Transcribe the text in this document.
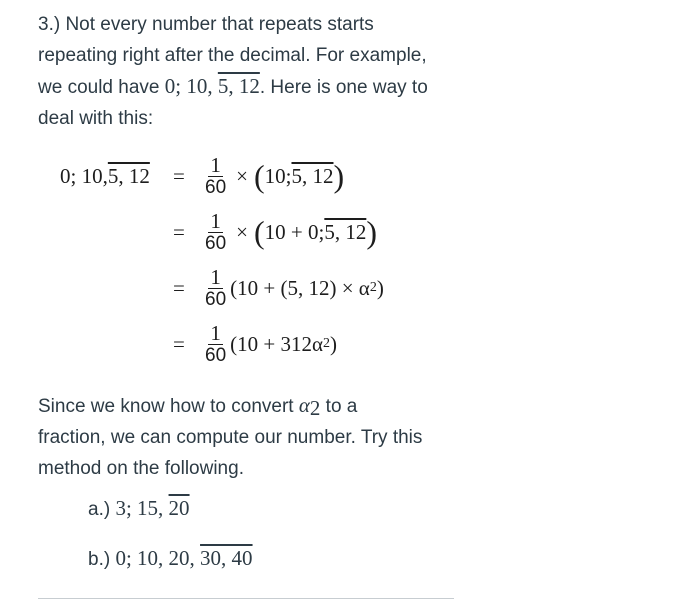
3.) Not every number that repeats starts
repeating right after the decimal. For example,
we could have 0; 10, 5, 12. Here is one way to
deal with this:
0; 10, 5, $12 = \frac{1}{60}$ × ( 10; 5, 12 )
= $\frac{1}{60}$ × ( 10 + 0; 5, 12 )
= $\frac{1}{60} (10 + (5$, 12) × α 2 )
= $\frac{1}{60} (10 + 312\alpha$ 2 )
Since we know how to convert $\alpha_2$ to a
fraction, we can compute our number. Try this
method on the following.
a.) 3; 15, 20
b.) 0; 10, 20, 30, 40
